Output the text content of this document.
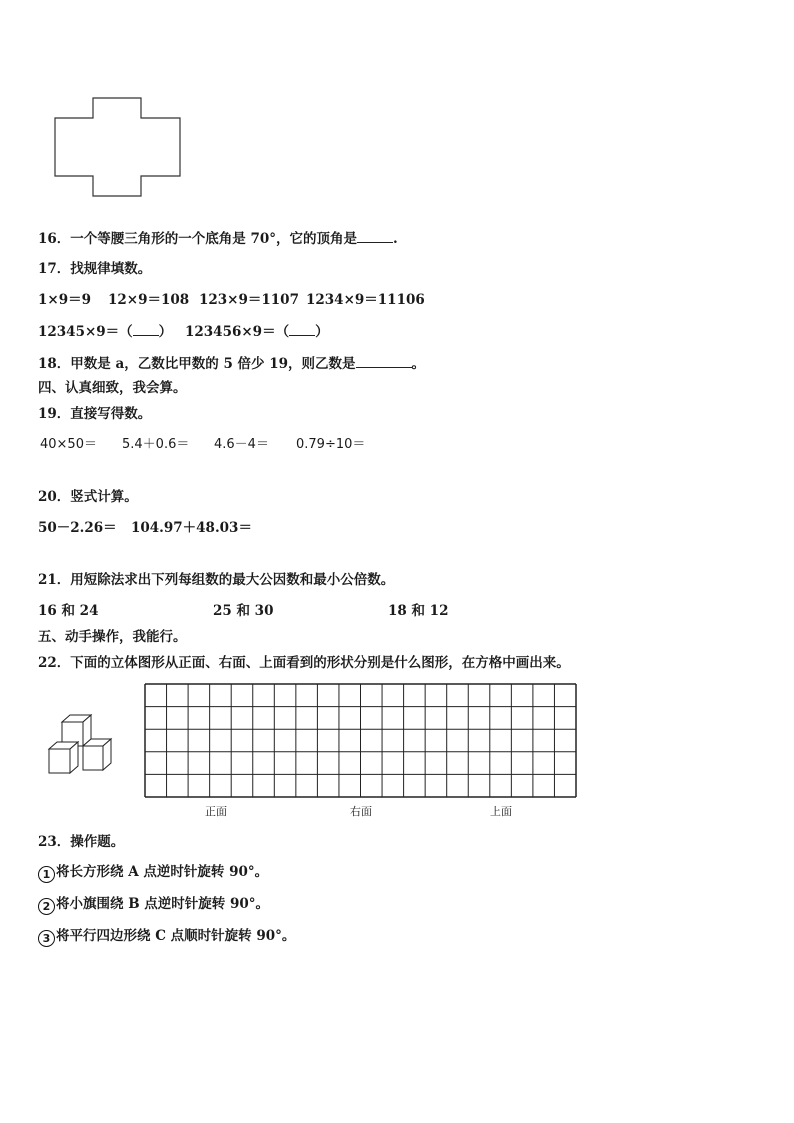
16．一个等腰三角形的一个底角是 70°，它的顶角是	.
17．找规律填数。
1×9＝9 12×9＝108 123×9＝1107 1234×9＝11106
12345×9＝（ ） 123456×9＝（ ）
18．甲数是 a，乙数比甲数的 5 倍少 19，则乙数是	。
四、认真细致，我会算。
19．直接写得数。
40×50＝ 5.4＋0.6＝ 4.6－4＝ 0.79÷10＝
20．竖式计算。
50－2.26＝ 104.97＋48.03＝
21．用短除法求出下列每组数的最大公因数和最小公倍数。
16 和 24	25 和 30	18 和 12
五、动手操作，我能行。
22．下面的立体图形从正面、右面、上面看到的形状分别是什么图形，在方格中画出来。
正面	右面	上面
23．操作题。
1 将长方形绕 A 点逆时针旋转 90°。
2 将小旗围绕 B 点逆时针旋转 90°。
3 将平行四边形绕 C 点顺时针旋转 90°。
